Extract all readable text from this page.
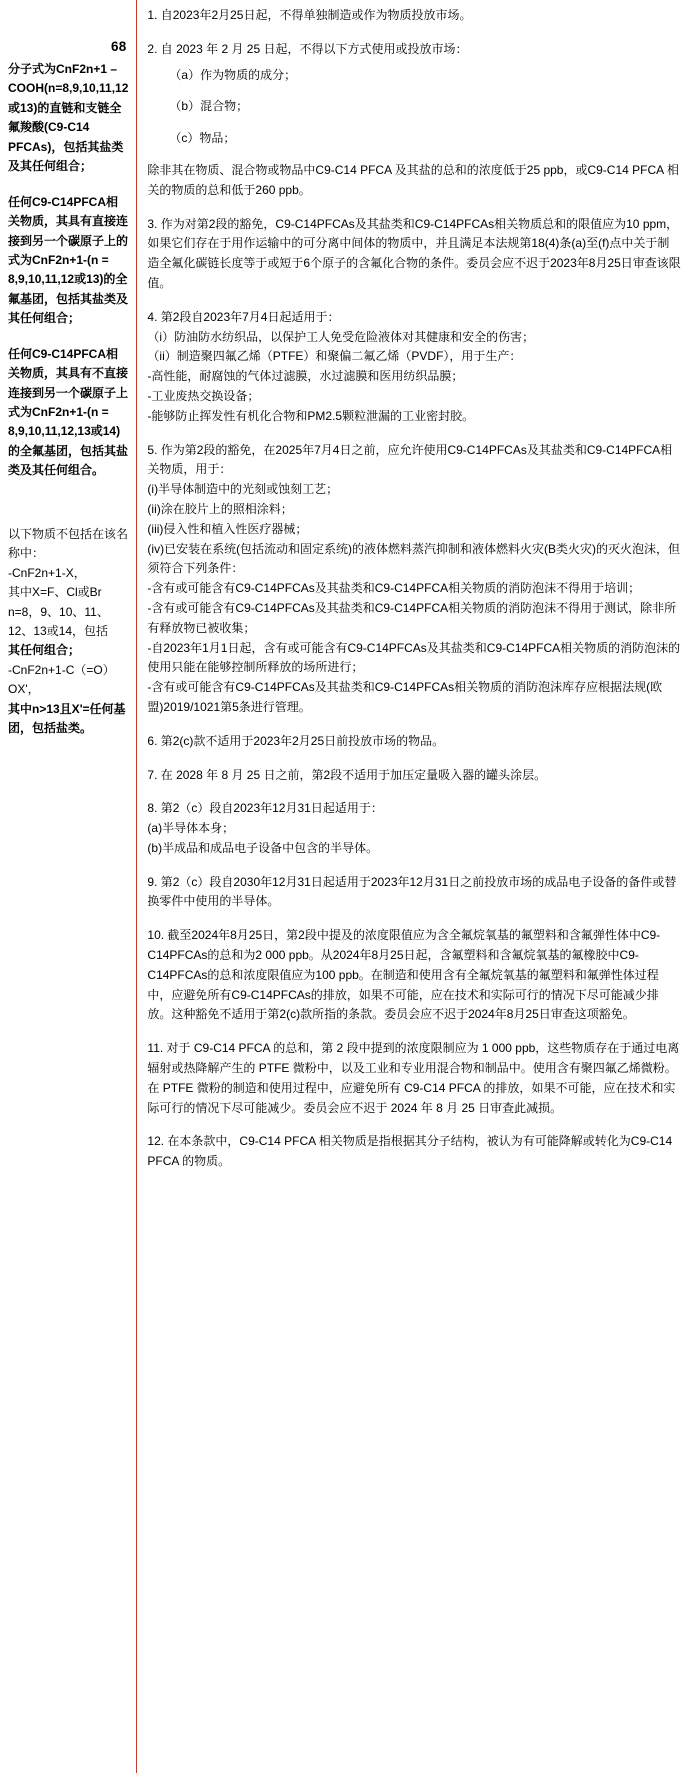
68

分子式为CnF2n+1 – COOH(n=8,9,10,11,12或13)的直链和支链全氟羧酸(C9-C14 PFCAs)，包括其盐类及其任何组合；

任何C9-C14PFCA相关物质，其具有直接连接到另一个碳原子上的式为CnF2n+1-(n = 8,9,10,11,12或13)的全氟基团，包括其盐类及其任何组合；

任何C9-C14PFCA相关物质，其具有不直接连接到另一个碳原子上式为CnF2n+1-(n = 8,9,10,11,12,13或14)的全氟基团，包括其盐类及其任何组合。

以下物质不包括在该名称中：

-CnF2n+1-X，

其中X=F、Cl或Br

n=8，9、10、11、12、13或14，包括

其任何组合；

-CnF2n+1-C（=O）OX'，

其中n>13且X'=任何基团，包括盐类。

1. 自2023年2月25日起，不得单独制造或作为物质投放市场。

2. 自 2023 年 2 月 25 日起，不得以下方式使用或投放市场：

（a）作为物质的成分；

（b）混合物；

（c）物品；

除非其在物质、混合物或物品中C9-C14 PFCA 及其盐的总和的浓度低于25 ppb，或C9-C14 PFCA 相关的物质的总和低于260 ppb。

3. 作为对第2段的豁免，C9-C14PFCAs及其盐类和C9-C14PFCAs相关物质总和的限值应为10 ppm，如果它们存在于用作运输中的可分离中间体的物质中，并且满足本法规第18(4)条(a)至(f)点中关于制造全氟化碳链长度等于或短于6个原子的含氟化合物的条件。委员会应不迟于2023年8月25日审查该限值。

4. 第2段自2023年7月4日起适用于：

（i）防油防水纺织品，以保护工人免受危险液体对其健康和安全的伤害；

（ii）制造聚四氟乙烯（PTFE）和聚偏二氟乙烯（PVDF），用于生产：

-高性能，耐腐蚀的气体过滤膜，水过滤膜和医用纺织品膜；

-工业废热交换设备；

-能够防止挥发性有机化合物和PM2.5颗粒泄漏的工业密封胶。

5. 作为第2段的豁免，在2025年7月4日之前，应允许使用C9-C14PFCAs及其盐类和C9-C14PFCA相关物质，用于：

(i)半导体制造中的光刻或蚀刻工艺；

(ii)涂在胶片上的照相涂料；

(iii)侵入性和植入性医疗器械；

(iv)已安装在系统(包括流动和固定系统)的液体燃料蒸汽抑制和液体燃料火灾(B类火灾)的灭火泡沫，但须符合下列条件：

-含有或可能含有C9-C14PFCAs及其盐类和C9-C14PFCA相关物质的消防泡沫不得用于培训；

-含有或可能含有C9-C14PFCAs及其盐类和C9-C14PFCA相关物质的消防泡沫不得用于测试，除非所有释放物已被收集；

-自2023年1月1日起，含有或可能含有C9-C14PFCAs及其盐类和C9-C14PFCA相关物质的消防泡沫的使用只能在能够控制所释放的场所进行；

-含有或可能含有C9-C14PFCAs及其盐类和C9-C14PFCAs相关物质的消防泡沫库存应根据法规(欧盟)2019/1021第5条进行管理。

6. 第2(c)款不适用于2023年2月25日前投放市场的物品。

7. 在 2028 年 8 月 25 日之前，第2段不适用于加压定量吸入器的罐头涂层。

8. 第2（c）段自2023年12月31日起适用于：

(a)半导体本身；

(b)半成品和成品电子设备中包含的半导体。

9. 第2（c）段自2030年12月31日起适用于2023年12月31日之前投放市场的成品电子设备的备件或替换零件中使用的半导体。

10. 截至2024年8月25日，第2段中提及的浓度限值应为含全氟烷氧基的氟塑料和含氟弹性体中C9-C14PFCAs的总和为2 000 ppb。从2024年8月25日起，含氟塑料和含氟烷氧基的氟橡胶中C9-C14PFCAs的总和浓度限值应为100 ppb。在制造和使用含有全氟烷氧基的氟塑料和氟弹性体过程中，应避免所有C9-C14PFCAs的排放，如果不可能，应在技术和实际可行的情况下尽可能减少排放。这种豁免不适用于第2(c)款所指的条款。委员会应不迟于2024年8月25日审查这项豁免。

11. 对于 C9-C14 PFCA 的总和，第 2 段中提到的浓度限制应为 1 000 ppb，这些物质存在于通过电离辐射或热降解产生的 PTFE 微粉中，以及工业和专业用混合物和制品中。使用含有聚四氟乙烯微粉。在 PTFE 微粉的制造和使用过程中，应避免所有 C9-C14 PFCA 的排放，如果不可能，应在技术和实际可行的情况下尽可能减少。委员会应不迟于 2024 年 8 月 25 日审查此减损。

12. 在本条款中，C9-C14 PFCA 相关物质是指根据其分子结构，被认为有可能降解或转化为C9-C14 PFCA 的物质。
